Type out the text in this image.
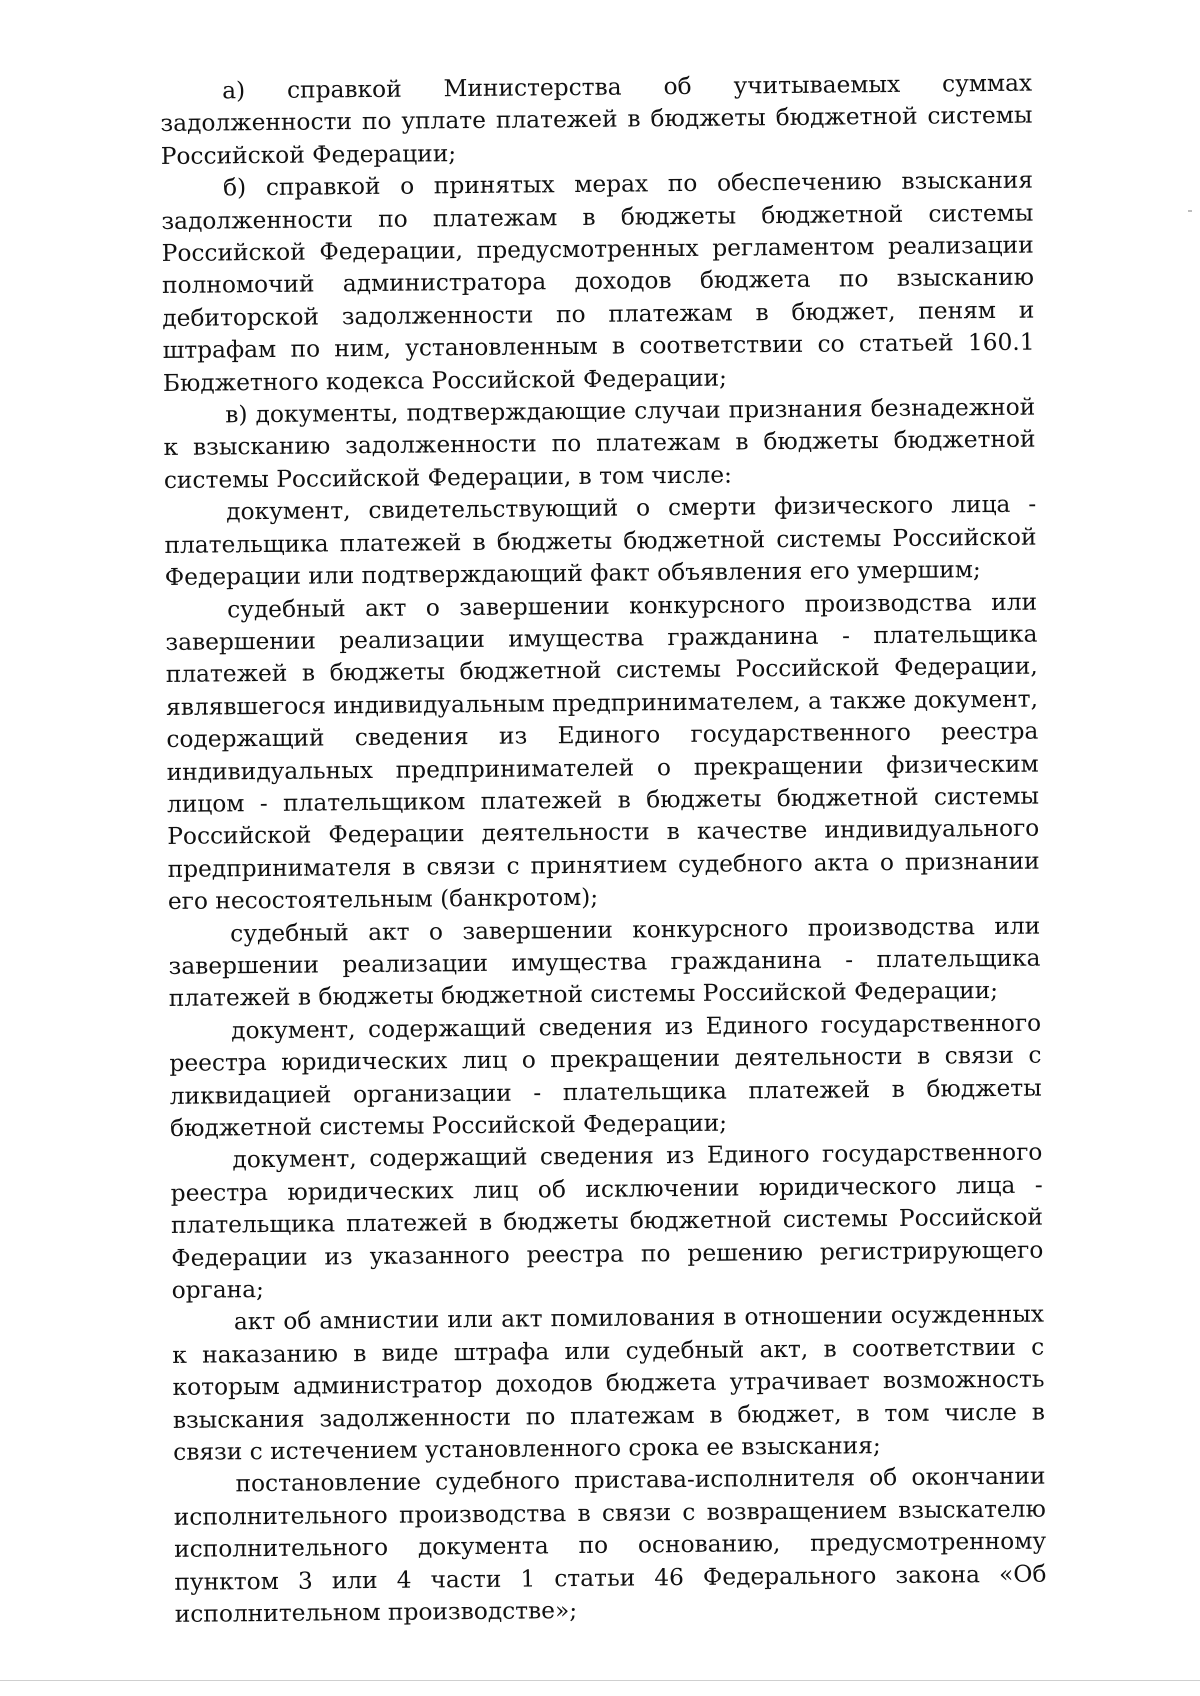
а) справкой Министерства об учитываемых суммах задолженности по уплате платежей в бюджеты бюджетной системы Российской Федерации;

б) справкой о принятых мерах по обеспечению взыскания задолженности по платежам в бюджеты бюджетной системы Российской Федерации, предусмотренных регламентом реализации полномочий администратора доходов бюджета по взысканию дебиторской задолженности по платежам в бюджет, пеням и штрафам по ним, установленным в соответствии со статьей 160.1 Бюджетного кодекса Российской Федерации;

в) документы, подтверждающие случаи признания безнадежной к взысканию задолженности по платежам в бюджеты бюджетной системы Российской Федерации, в том числе:

документ, свидетельствующий о смерти физического лица - плательщика платежей в бюджеты бюджетной системы Российской Федерации или подтверждающий факт объявления его умершим;

судебный акт о завершении конкурсного производства или завершении реализации имущества гражданина - плательщика платежей в бюджеты бюджетной системы Российской Федерации, являвшегося индивидуальным предпринимателем, а также документ, содержащий сведения из Единого государственного реестра индивидуальных предпринимателей о прекращении физическим лицом - плательщиком платежей в бюджеты бюджетной системы Российской Федерации деятельности в качестве индивидуального предпринимателя в связи с принятием судебного акта о признании его несостоятельным (банкротом);

судебный акт о завершении конкурсного производства или завершении реализации имущества гражданина - плательщика платежей в бюджеты бюджетной системы Российской Федерации;

документ, содержащий сведения из Единого государственного реестра юридических лиц о прекращении деятельности в связи с ликвидацией организации - плательщика платежей в бюджеты бюджетной системы Российской Федерации;

документ, содержащий сведения из Единого государственного реестра юридических лиц об исключении юридического лица - плательщика платежей в бюджеты бюджетной системы Российской Федерации из указанного реестра по решению регистрирующего органа;

акт об амнистии или акт помилования в отношении осужденных к наказанию в виде штрафа или судебный акт, в соответствии с которым администратор доходов бюджета утрачивает возможность взыскания задолженности по платежам в бюджет, в том числе в связи с истечением установленного срока ее взыскания;

постановление судебного пристава-исполнителя об окончании исполнительного производства в связи с возвращением взыскателю исполнительного документа по основанию, предусмотренному пунктом 3 или 4 части 1 статьи 46 Федерального закона «Об исполнительном производстве»;
